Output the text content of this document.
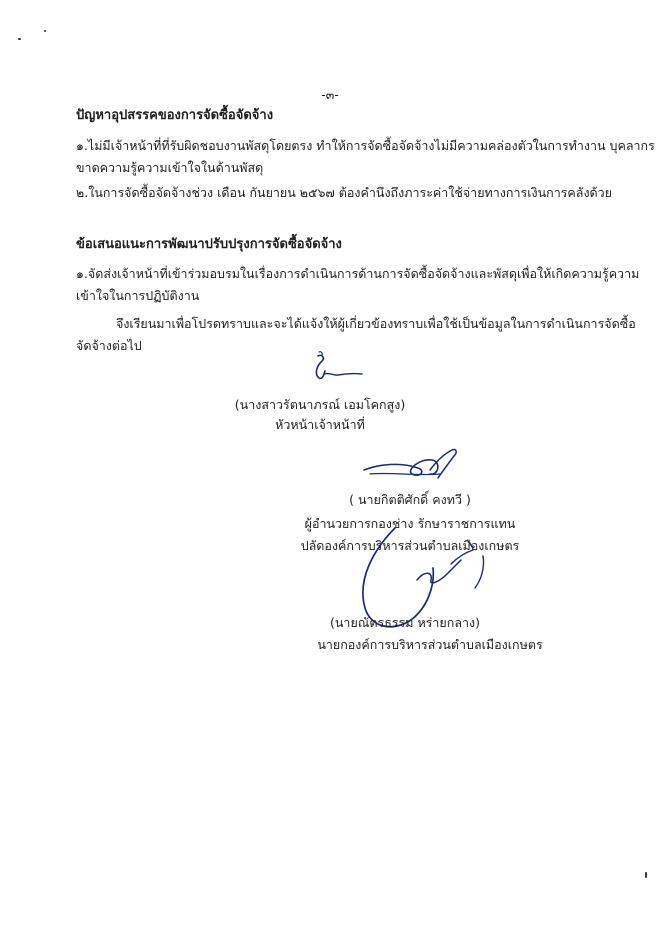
-๓-
ปัญหาอุปสรรคของการจัดซื้อจัดจ้าง
๑.ไม่มีเจ้าหน้าที่ที่รับผิดชอบงานพัสดุโดยตรง ทำให้การจัดซื้อจัดจ้างไม่มีความคล่องตัวในการทำงาน บุคลากร
ขาดความรู้ความเข้าใจในด้านพัสดุ
๒.ในการจัดซื้อจัดจ้างช่วง เดือน กันยายน ๒๕๖๗ ต้องคำนึงถึงภาระค่าใช้จ่ายทางการเงินการคลังด้วย
ข้อเสนอแนะการพัฒนาปรับปรุงการจัดซื้อจัดจ้าง
๑.จัดส่งเจ้าหน้าที่เข้าร่วมอบรมในเรื่องการดำเนินการด้านการจัดซื้อจัดจ้างและพัสดุเพื่อให้เกิดความรู้ความ
เข้าใจในการปฏิบัติงาน
จึงเรียนมาเพื่อโปรดทราบและจะได้แจ้งให้ผู้เกี่ยวข้องทราบเพื่อใช้เป็นข้อมูลในการดำเนินการจัดซื้อ
จัดจ้างต่อไป
(นางสาวรัตนาภรณ์ เอมโคกสูง)
หัวหน้าเจ้าหน้าที่
( นายกิตติศักดิ์ คงทวี )
ผู้อำนวยการกองช่าง รักษาราชการแทน
ปลัดองค์การบริหารส่วนตำบลเมืองเกษตร
(นายณัตรธรรม หร่ายกลาง)
นายกองค์การบริหารส่วนตำบลเมืองเกษตร
